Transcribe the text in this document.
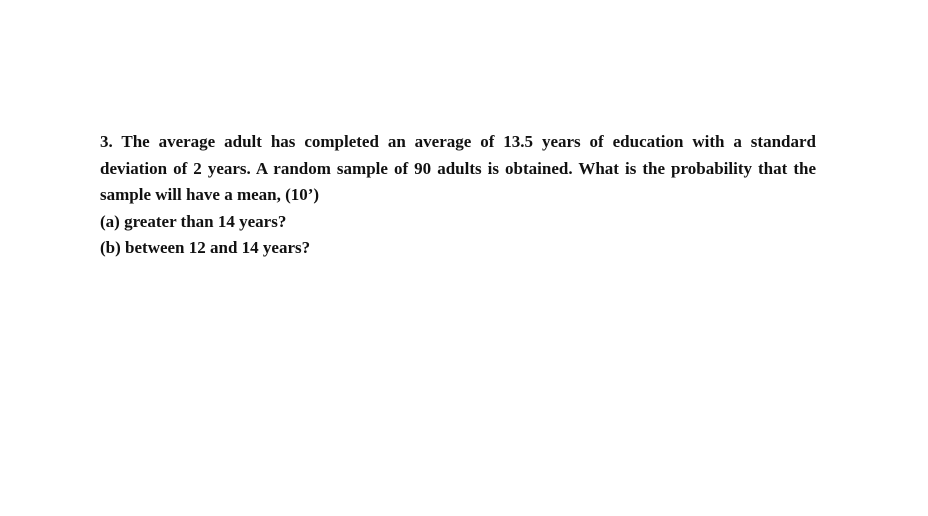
3. The average adult has completed an average of 13.5 years of education with a standard deviation of 2 years. A random sample of 90 adults is obtained. What is the probability that the sample will have a mean, (10’)

(a) greater than 14 years?

(b) between 12 and 14 years?
